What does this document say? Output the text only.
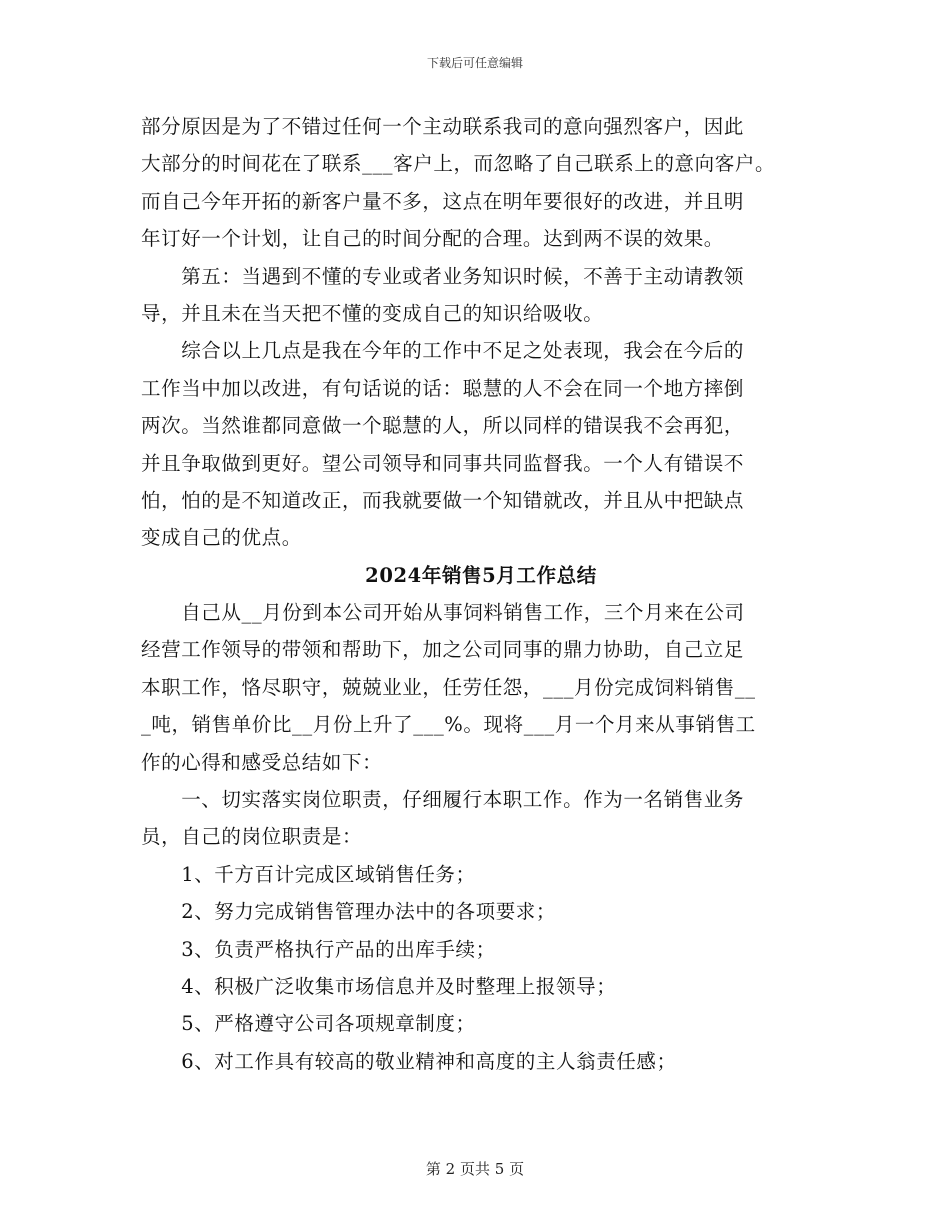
下载后可任意编辑
部分原因是为了不错过任何一个主动联系我司的意向强烈客户，因此
大部分的时间花在了联系___客户上，而忽略了自己联系上的意向客户。
而自己今年开拓的新客户量不多，这点在明年要很好的改进，并且明
年订好一个计划，让自己的时间分配的合理。达到两不误的效果。
　　第五：当遇到不懂的专业或者业务知识时候，不善于主动请教领
导，并且未在当天把不懂的变成自己的知识给吸收。
　　综合以上几点是我在今年的工作中不足之处表现，我会在今后的
工作当中加以改进，有句话说的话：聪慧的人不会在同一个地方摔倒
两次。当然谁都同意做一个聪慧的人，所以同样的错误我不会再犯，
并且争取做到更好。望公司领导和同事共同监督我。一个人有错误不
怕，怕的是不知道改正，而我就要做一个知错就改，并且从中把缺点
变成自己的优点。
2024年销售5月工作总结
　　自己从__月份到本公司开始从事饲料销售工作，三个月来在公司
经营工作领导的带领和帮助下，加之公司同事的鼎力协助，自己立足
本职工作，恪尽职守，兢兢业业，任劳任怨，___月份完成饲料销售__
_吨，销售单价比__月份上升了___%。现将___月一个月来从事销售工
作的心得和感受总结如下：
　　一、切实落实岗位职责，仔细履行本职工作。作为一名销售业务
员，自己的岗位职责是：
　　1、千方百计完成区域销售任务；
　　2、努力完成销售管理办法中的各项要求；
　　3、负责严格执行产品的出库手续；
　　4、积极广泛收集市场信息并及时整理上报领导；
　　5、严格遵守公司各项规章制度；
　　6、对工作具有较高的敬业精神和高度的主人翁责任感；
第 2 页共 5 页
